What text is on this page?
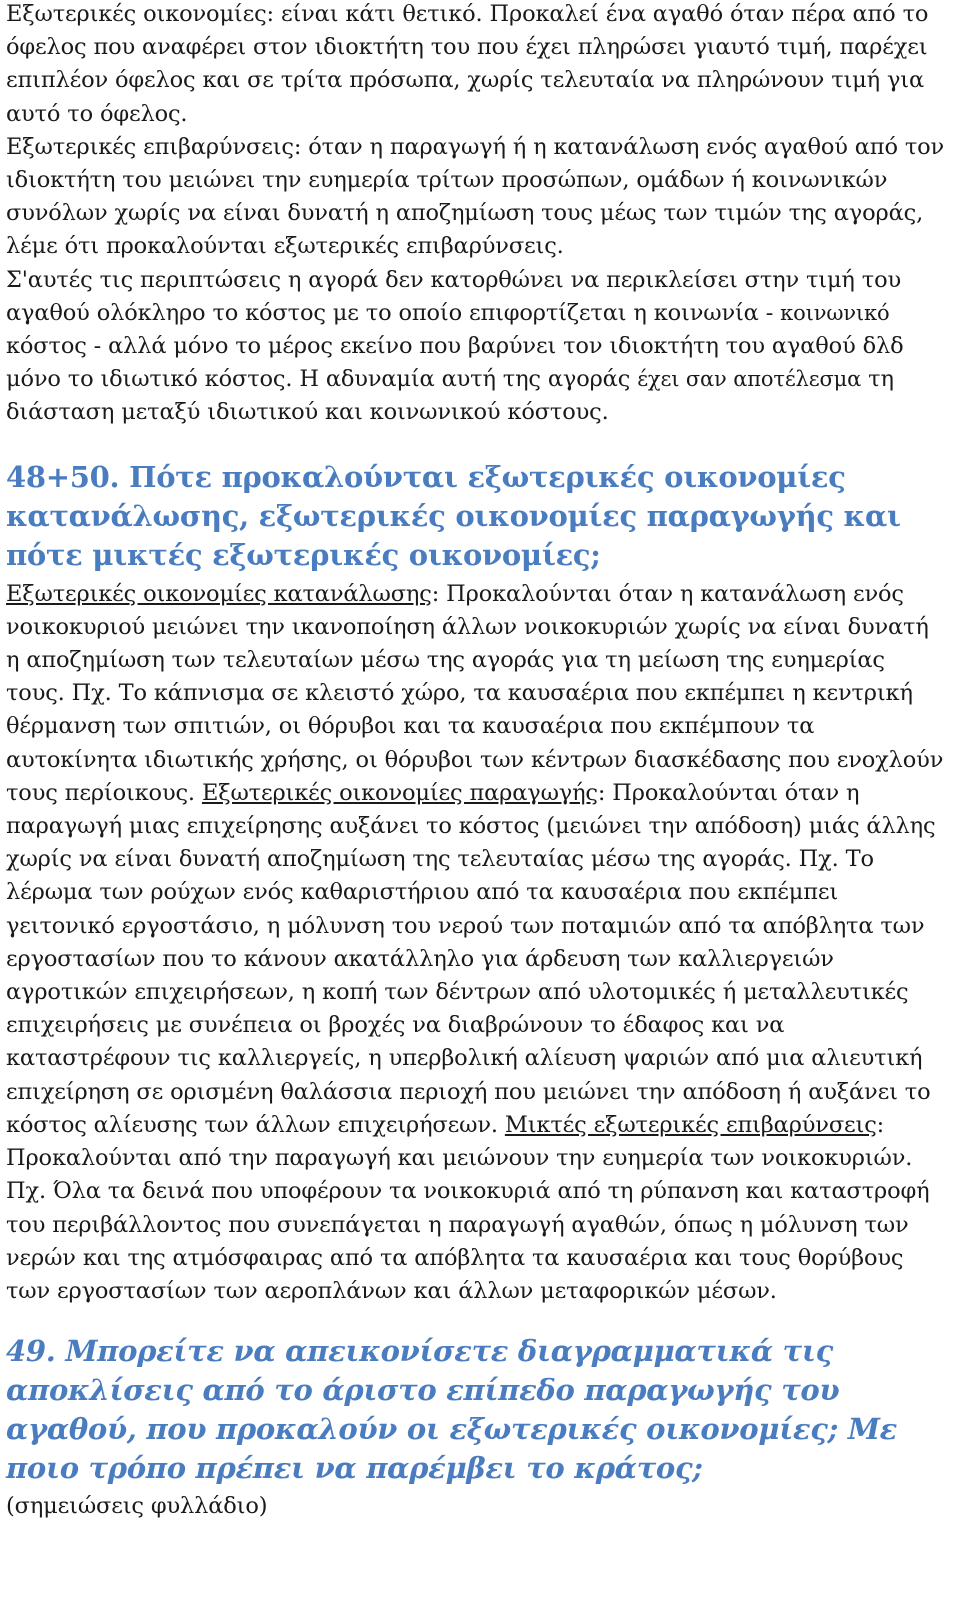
Εξωτερικές οικονομίες: είναι κάτι θετικό. Προκαλεί ένα αγαθό όταν πέρα από το όφελος που αναφέρει στον ιδιοκτήτη του που έχει πληρώσει γιαυτό τιμή, παρέχει επιπλέον όφελος και σε τρίτα πρόσωπα, χωρίς τελευταία να πληρώνουν τιμή για αυτό το όφελος.

Εξωτερικές επιβαρύνσεις: όταν η παραγωγή ή η κατανάλωση ενός αγαθού από τον ιδιοκτήτη του μειώνει την ευημερία τρίτων προσώπων, ομάδων ή κοινωνικών συνόλων χωρίς να είναι δυνατή η αποζημίωση τους μέως των τιμών της αγοράς, λέμε ότι προκαλούνται εξωτερικές επιβαρύνσεις.

Σ'αυτές τις περιπτώσεις η αγορά δεν κατορθώνει να περικλείσει στην τιμή του αγαθού ολόκληρο το κόστος με το οποίο επιφορτίζεται η κοινωνία - κοινωνικό κόστος - αλλά μόνο το μέρος εκείνο που βαρύνει τον ιδιοκτήτη του αγαθού δλδ μόνο το ιδιωτικό κόστος. Η αδυναμία αυτή της αγοράς έχει σαν αποτέλεσμα τη διάσταση μεταξύ ιδιωτικού και κοινωνικού κόστους.

48+50. Πότε προκαλούνται εξωτερικές οικονομίες κατανάλωσης, εξωτερικές οικονομίες παραγωγής και πότε μικτές εξωτερικές οικονομίες;

Εξωτερικές οικονομίες κατανάλωσης: Προκαλούνται όταν η κατανάλωση ενός νοικοκυριού μειώνει την ικανοποίηση άλλων νοικοκυριών χωρίς να είναι δυνατή η αποζημίωση των τελευταίων μέσω της αγοράς για τη μείωση της ευημερίας τους. Πχ. Το κάπνισμα σε κλειστό χώρο, τα καυσαέρια που εκπέμπει η κεντρική θέρμανση των σπιτιών, οι θόρυβοι και τα καυσαέρια που εκπέμπουν τα αυτοκίνητα ιδιωτικής χρήσης, οι θόρυβοι των κέντρων διασκέδασης που ενοχλούν τους περίοικους. Εξωτερικές οικονομίες παραγωγής: Προκαλούνται όταν η παραγωγή μιας επιχείρησης αυξάνει το κόστος (μειώνει την απόδοση) μιάς άλλης χωρίς να είναι δυνατή αποζημίωση της τελευταίας μέσω της αγοράς. Πχ. Το λέρωμα των ρούχων ενός καθαριστήριου από τα καυσαέρια που εκπέμπει γειτονικό εργοστάσιο, η μόλυνση του νερού των ποταμιών από τα απόβλητα των εργοστασίων που το κάνουν ακατάλληλο για άρδευση των καλλιεργειών αγροτικών επιχειρήσεων, η κοπή των δέντρων από υλοτομικές ή μεταλλευτικές επιχειρήσεις με συνέπεια οι βροχές να διαβρώνουν το έδαφος και να καταστρέφουν τις καλλιεργείς, η υπερβολική αλίευση ψαριών από μια αλιευτική επιχείρηση σε ορισμένη θαλάσσια περιοχή που μειώνει την απόδοση ή αυξάνει το κόστος αλίευσης των άλλων επιχειρήσεων. Μικτές εξωτερικές επιβαρύνσεις: Προκαλούνται από την παραγωγή και μειώνουν την ευημερία των νοικοκυριών. Πχ. Όλα τα δεινά που υποφέρουν τα νοικοκυριά από τη ρύπανση και καταστροφή του περιβάλλοντος που συνεπάγεται η παραγωγή αγαθών, όπως η μόλυνση των νερών και της ατμόσφαιρας από τα απόβλητα τα καυσαέρια και τους θορύβους των εργοστασίων των αεροπλάνων και άλλων μεταφορικών μέσων.

49. Μπορείτε να απεικονίσετε διαγραμματικά τις αποκλίσεις από το άριστο επίπεδο παραγωγής του αγαθού, που προκαλούν οι εξωτερικές οικονομίες; Με ποιο τρόπο πρέπει να παρέμβει το κράτος;

(σημειώσεις φυλλάδιο)
